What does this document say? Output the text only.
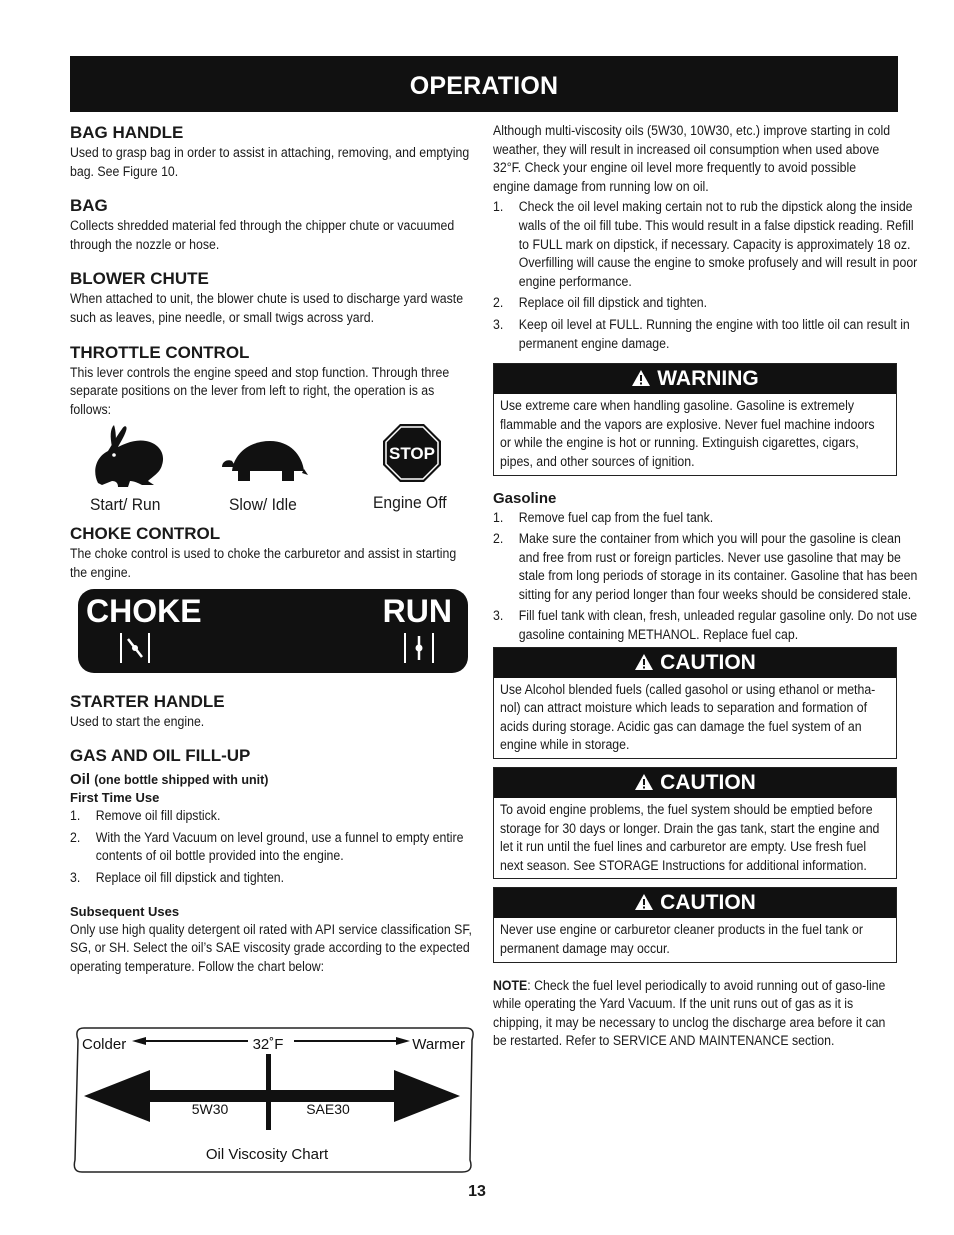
OPERATION
BAG HANDLE

Used to grasp bag in order to assist in attaching, removing, and emptying bag. See Figure 10.

BAG

Collects shredded material fed through the chipper chute or vacuumed through the nozzle or hose.

BLOWER CHUTE

When attached to unit, the blower chute is used to discharge yard waste such as leaves, pine needle, or small twigs across yard.

THROTTLE CONTROL

This lever controls the engine speed and stop function. Through three separate positions on the lever from left to right, the operation is as follows:

STOP
Start/ Run	Slow/ Idle	Engine Off
CHOKE CONTROL

The choke control is used to choke the carburetor and assist in starting the engine.

CHOKE	RUN
STARTER HANDLE

Used to start the engine.

GAS AND OIL FILL-UP
Oil (one bottle shipped with unit)
First Time Use
1. Remove oil fill dipstick.
2. With the Yard Vacuum on level ground, use a funnel to empty entire contents of oil bottle provided into the engine.
3. Replace oil fill dipstick and tighten.
Subsequent Uses

Only use high quality detergent oil rated with API service classification SF, SG, or SH. Select the oil’s SAE viscosity grade according to the expected operating temperature. Follow the chart below:

Colder	32˚F	Warmer
5W30	SAE30
Oil Viscosity Chart

Although multi-viscosity oils (5W30, 10W30, etc.) improve starting in cold weather, they will result in increased oil consumption when used above 32°F. Check your engine oil level more frequently to avoid possible engine damage from running low on oil.

1. Check the oil level making certain not to rub the dipstick along the inside walls of the oil fill tube. This would result in a false dipstick reading. Refill to FULL mark on dipstick, if necessary. Capacity is approximately 18 oz. Overfilling will cause the engine to smoke profusely and will result in poor engine performance.
2. Replace oil fill dipstick and tighten.
3. Keep oil level at FULL. Running the engine with too little oil can result in permanent engine damage.
WARNING

Use extreme care when handling gasoline. Gasoline is extremely flammable and the vapors are explosive. Never fuel machine indoors or while the engine is hot or running. Extinguish cigarettes, cigars, pipes, and other sources of ignition.

Gasoline
1. Remove fuel cap from the fuel tank.
2. Make sure the container from which you will pour the gasoline is clean and free from rust or foreign particles. Never use gasoline that may be stale from long periods of storage in its container. Gasoline that has been sitting for any period longer than four weeks should be considered stale.
3. Fill fuel tank with clean, fresh, unleaded regular gasoline only. Do not use gasoline containing METHANOL. Replace fuel cap.
CAUTION

Use Alcohol blended fuels (called gasohol or using ethanol or metha-nol) can attract moisture which leads to separation and formation of acids during storage. Acidic gas can damage the fuel system of an engine while in storage.

CAUTION

To avoid engine problems, the fuel system should be emptied before storage for 30 days or longer. Drain the gas tank, start the engine and let it run until the fuel lines and carburetor are empty. Use fresh fuel next season. See STORAGE Instructions for additional information.

CAUTION

Never use engine or carburetor cleaner products in the fuel tank or permanent damage may occur.

NOTE: Check the fuel level periodically to avoid running out of gaso-line while operating the Yard Vacuum. If the unit runs out of gas as it is chipping, it may be necessary to unclog the discharge area before it can be restarted. Refer to SERVICE AND MAINTENANCE section.

13
